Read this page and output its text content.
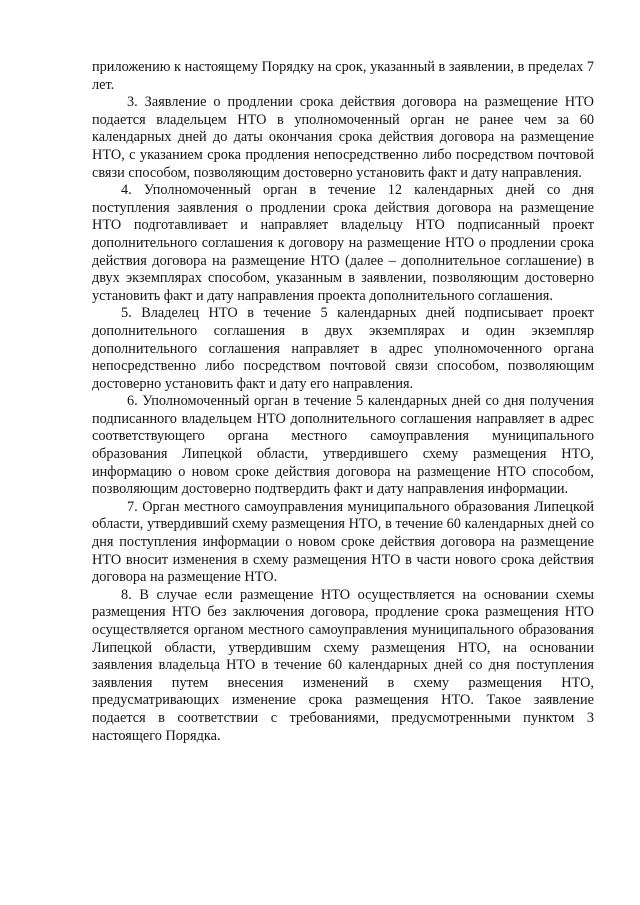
приложению к настоящему Порядку на срок, указанный в заявлении, в пределах 7 лет.

3. Заявление о продлении срока действия договора на размещение НТО подается владельцем НТО в уполномоченный орган не ранее чем за 60 календарных дней до даты окончания срока действия договора на размещение НТО, с указанием срока продления непосредственно либо посредством почтовой связи способом, позволяющим достоверно установить факт и дату направления.

4. Уполномоченный орган в течение 12 календарных дней со дня поступления заявления о продлении срока действия договора на размещение НТО подготавливает и направляет владельцу НТО подписанный проект дополнительного соглашения к договору на размещение НТО о продлении срока действия договора на размещение НТО (далее – дополнительное соглашение) в двух экземплярах способом, указанным в заявлении, позволяющим достоверно установить факт и дату направления проекта дополнительного соглашения.

5. Владелец НТО в течение 5 календарных дней подписывает проект дополнительного соглашения в двух экземплярах и один экземпляр дополнительного соглашения направляет в адрес уполномоченного органа непосредственно либо посредством почтовой связи способом, позволяющим достоверно установить факт и дату его направления.

6. Уполномоченный орган в течение 5 календарных дней со дня получения подписанного владельцем НТО дополнительного соглашения направляет в адрес соответствующего органа местного самоуправления муниципального образования Липецкой области, утвердившего схему размещения НТО, информацию о новом сроке действия договора на размещение НТО способом, позволяющим достоверно подтвердить факт и дату направления информации.

7. Орган местного самоуправления муниципального образования Липецкой области, утвердивший схему размещения НТО, в течение 60 календарных дней со дня поступления информации о новом сроке действия договора на размещение НТО вносит изменения в схему размещения НТО в части нового срока действия договора на размещение НТО.

8. В случае если размещение НТО осуществляется на основании схемы размещения НТО без заключения договора, продление срока размещения НТО осуществляется органом местного самоуправления муниципального образования Липецкой области, утвердившим схему размещения НТО, на основании заявления владельца НТО в течение 60 календарных дней со дня поступления заявления путем внесения изменений в схему размещения НТО, предусматривающих изменение срока размещения НТО. Такое заявление подается в соответствии с требованиями, предусмотренными пунктом 3 настоящего Порядка.
